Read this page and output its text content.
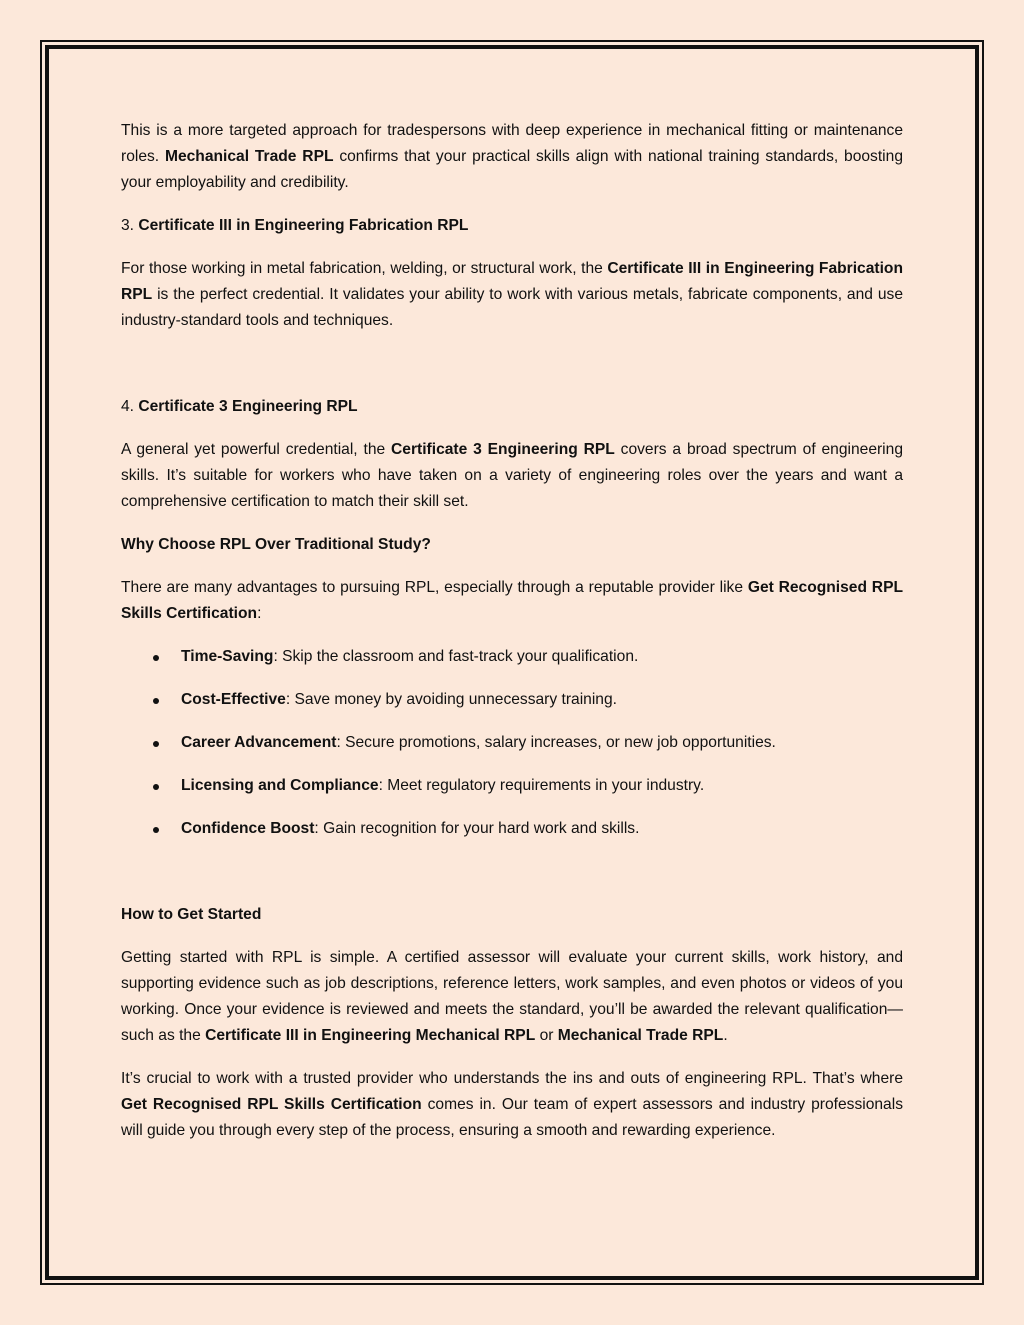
This is a more targeted approach for tradespersons with deep experience in mechanical fitting or maintenance roles. Mechanical Trade RPL confirms that your practical skills align with national training standards, boosting your employability and credibility.

3. Certificate III in Engineering Fabrication RPL

For those working in metal fabrication, welding, or structural work, the Certificate III in Engineering Fabrication RPL is the perfect credential. It validates your ability to work with various metals, fabricate components, and use industry-standard tools and techniques.

4. Certificate 3 Engineering RPL

A general yet powerful credential, the Certificate 3 Engineering RPL covers a broad spectrum of engineering skills. It’s suitable for workers who have taken on a variety of engineering roles over the years and want a comprehensive certification to match their skill set.

Why Choose RPL Over Traditional Study?

There are many advantages to pursuing RPL, especially through a reputable provider like Get Recognised RPL Skills Certification:

Time-Saving: Skip the classroom and fast-track your qualification.
Cost-Effective: Save money by avoiding unnecessary training.
Career Advancement: Secure promotions, salary increases, or new job opportunities.
Licensing and Compliance: Meet regulatory requirements in your industry.
Confidence Boost: Gain recognition for your hard work and skills.

How to Get Started

Getting started with RPL is simple. A certified assessor will evaluate your current skills, work history, and supporting evidence such as job descriptions, reference letters, work samples, and even photos or videos of you working. Once your evidence is reviewed and meets the standard, you’ll be awarded the relevant qualification—such as the Certificate III in Engineering Mechanical RPL or Mechanical Trade RPL.

It’s crucial to work with a trusted provider who understands the ins and outs of engineering RPL. That’s where Get Recognised RPL Skills Certification comes in. Our team of expert assessors and industry professionals will guide you through every step of the process, ensuring a smooth and rewarding experience.
